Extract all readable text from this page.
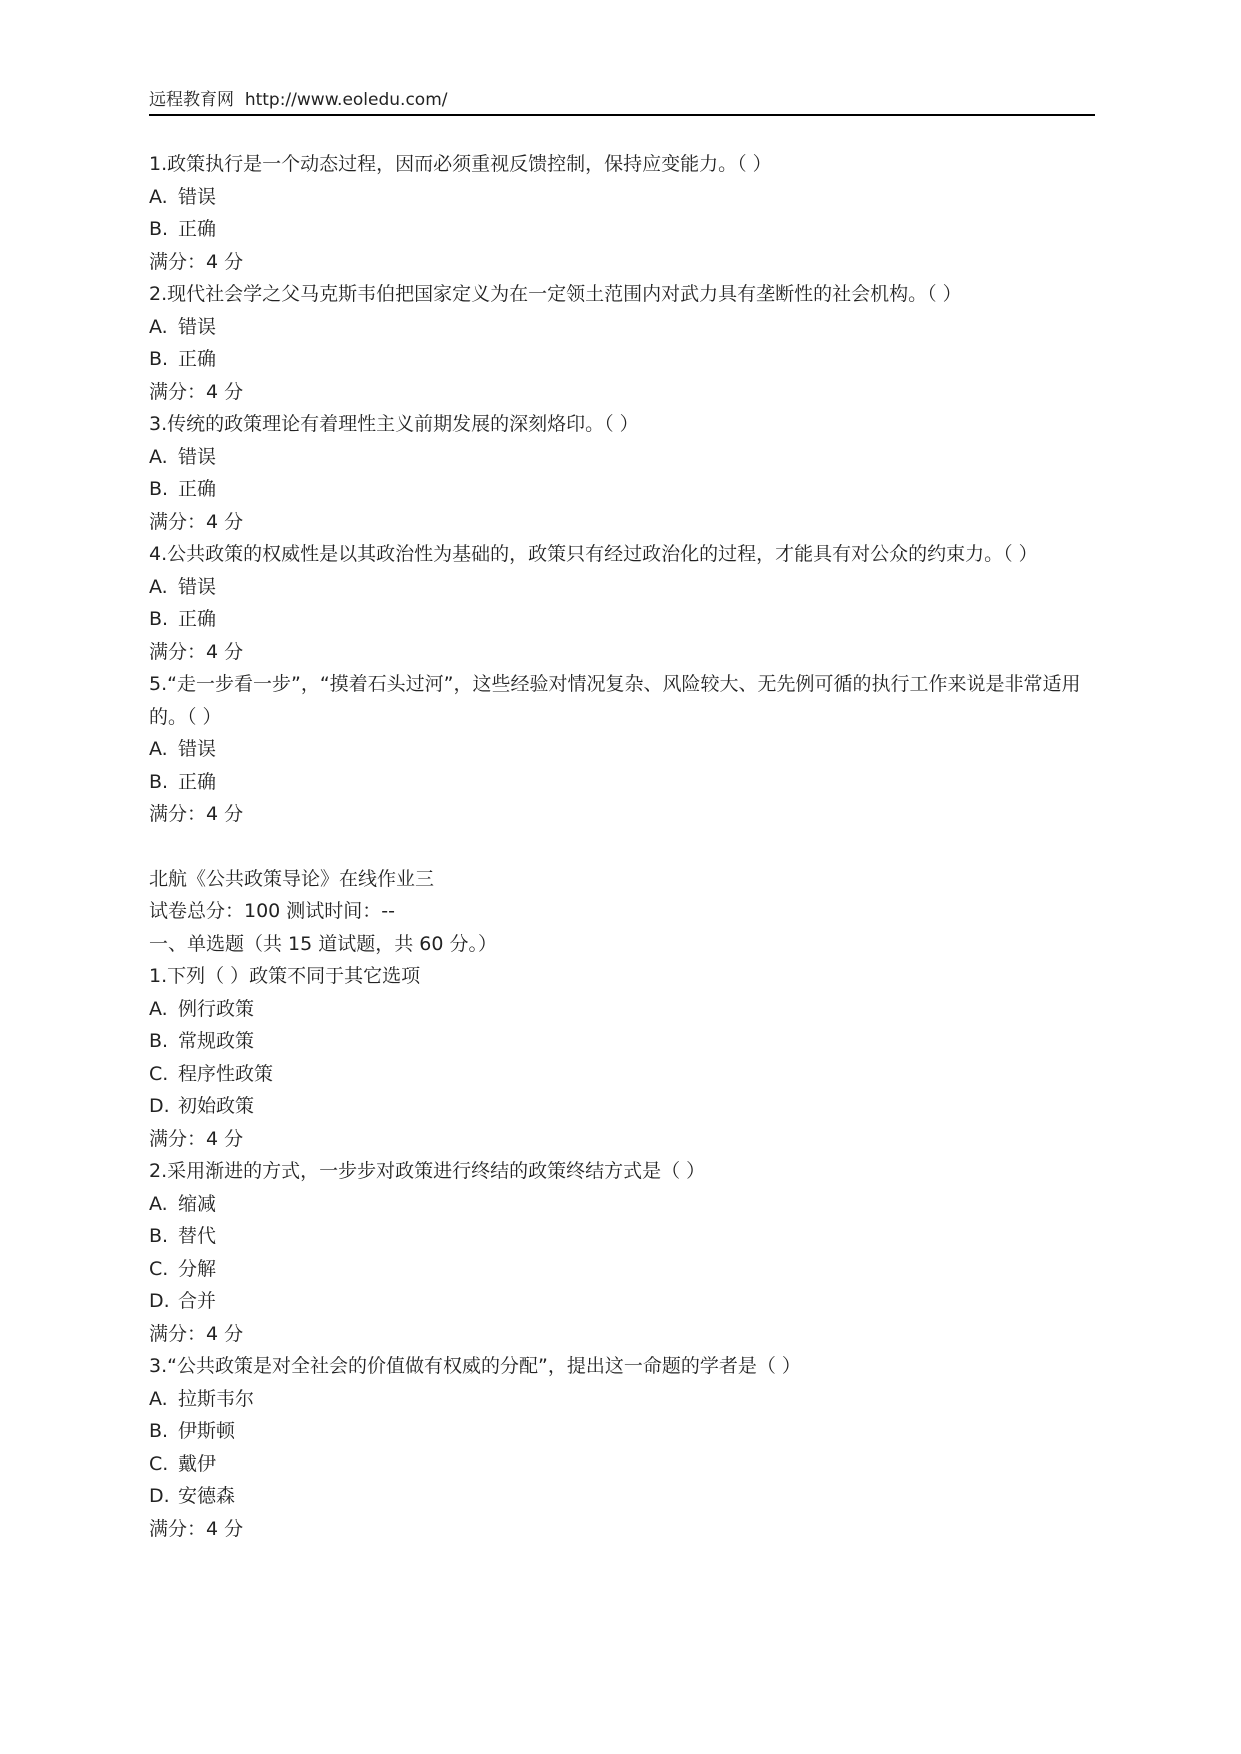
远程教育网 http://www.eoledu.com/
1.政策执行是一个动态过程，因而必须重视反馈控制，保持应变能力。（ ）
A. 错误
B. 正确
满分：4 分
2.现代社会学之父马克斯韦伯把国家定义为在一定领土范围内对武力具有垄断性的社会机构。（ ）
A. 错误
B. 正确
满分：4 分
3.传统的政策理论有着理性主义前期发展的深刻烙印。（ ）
A. 错误
B. 正确
满分：4 分
4.公共政策的权威性是以其政治性为基础的，政策只有经过政治化的过程，才能具有对公众的约束力。（ ）
A. 错误
B. 正确
满分：4 分
5.“走一步看一步”，“摸着石头过河”，这些经验对情况复杂、风险较大、无先例可循的执行工作来说是非常适用的。（ ）
A. 错误
B. 正确
满分：4 分
北航《公共政策导论》在线作业三
试卷总分：100 测试时间：--
一、单选题（共 15 道试题，共 60 分。）
1.下列（ ）政策不同于其它选项
A. 例行政策
B. 常规政策
C. 程序性政策
D. 初始政策
满分：4 分
2.采用渐进的方式，一步步对政策进行终结的政策终结方式是（ ）
A. 缩减
B. 替代
C. 分解
D. 合并
满分：4 分
3.“公共政策是对全社会的价值做有权威的分配”，提出这一命题的学者是（ ）
A. 拉斯韦尔
B. 伊斯顿
C. 戴伊
D. 安德森
满分：4 分
